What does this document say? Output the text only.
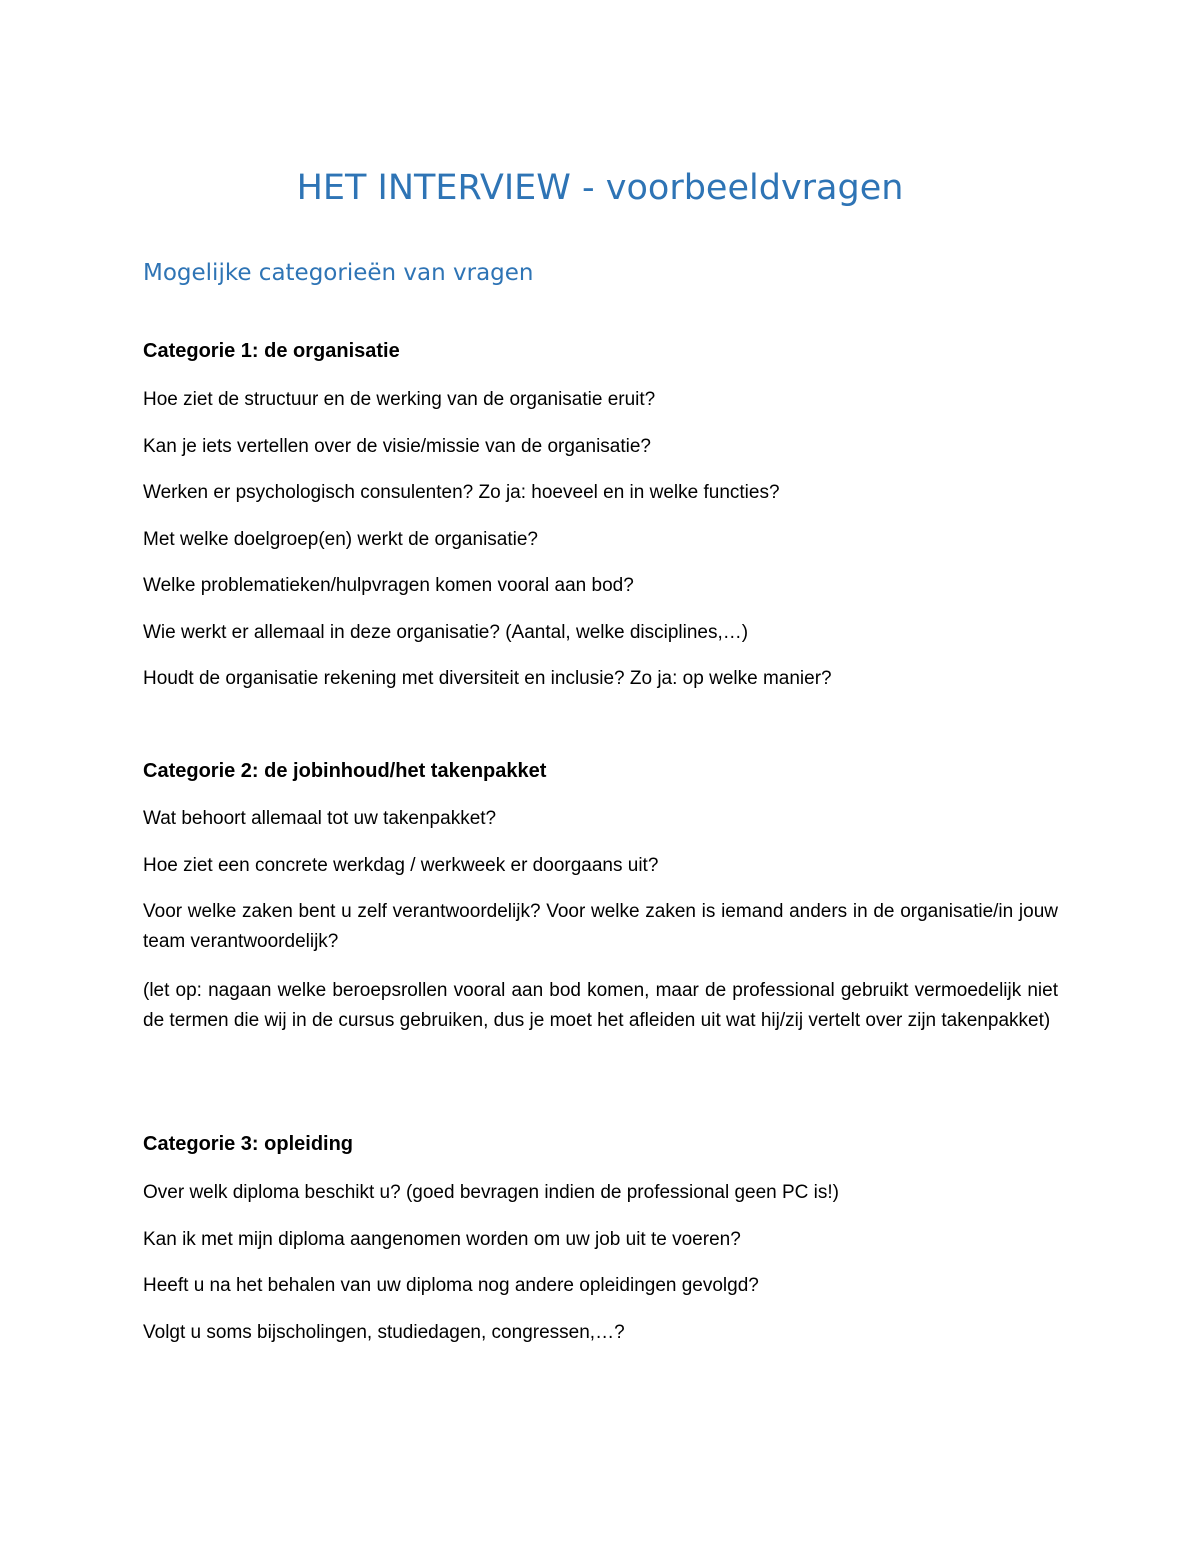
HET INTERVIEW - voorbeeldvragen
Mogelijke categorieën van vragen
Categorie 1: de organisatie

Hoe ziet de structuur en de werking van de organisatie eruit?

Kan je iets vertellen over de visie/missie van de organisatie?

Werken er psychologisch consulenten? Zo ja: hoeveel en in welke functies?

Met welke doelgroep(en) werkt de organisatie?

Welke problematieken/hulpvragen komen vooral aan bod?

Wie werkt er allemaal in deze organisatie? (Aantal, welke disciplines,…)

Houdt de organisatie rekening met diversiteit en inclusie? Zo ja: op welke manier?

Categorie 2: de jobinhoud/het takenpakket

Wat behoort allemaal tot uw takenpakket?

Hoe ziet een concrete werkdag / werkweek er doorgaans uit?

Voor welke zaken bent u zelf verantwoordelijk? Voor welke zaken is iemand anders in de organisatie/in jouw team verantwoordelijk?

(let op: nagaan welke beroepsrollen vooral aan bod komen, maar de professional gebruikt vermoedelijk niet de termen die wij in de cursus gebruiken, dus je moet het afleiden uit wat hij/zij vertelt over zijn takenpakket)

Categorie 3: opleiding

Over welk diploma beschikt u? (goed bevragen indien de professional geen PC is!)

Kan ik met mijn diploma aangenomen worden om uw job uit te voeren?

Heeft u na het behalen van uw diploma nog andere opleidingen gevolgd?

Volgt u soms bijscholingen, studiedagen, congressen,…?
